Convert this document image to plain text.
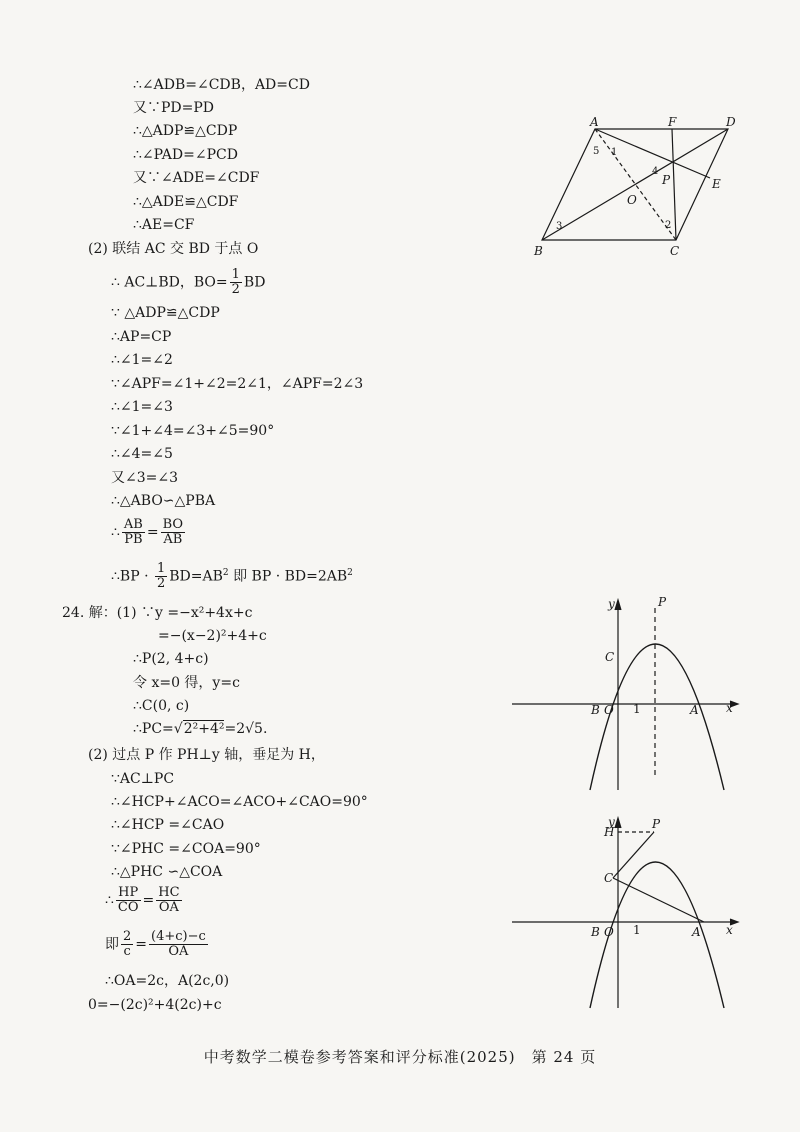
∴∠ADB=∠CDB，AD=CD
又∵PD=PD
∴△ADP≌△CDP
∴∠PAD=∠PCD
又∵∠ADE=∠CDF
∴△ADE≌△CDF
∴AE=CF
(2) 联结 AC 交 BD 于点 O
∴ AC⊥BD，$BO= \frac{1}{2}$ BD
∵ △ADP≌△CDP
∴AP=CP
∴∠1=∠2
∵∠APF=∠1+∠2=2∠1，∠APF=2∠3
∴∠1=∠3
∵∠1+∠4=∠3+∠5=90°
∴∠4=∠5
又∠3=∠3
∴△ABO∽△PBA
∴ $\frac{AB}{PB} = \frac{BO}{AB}$
∴BP · $\frac{1}{2} BD=AB^2$ 即 BP · $BD=2AB^2$
24. 解：(1) ∵y =−x²+4x+c
=−(x−2)²+4+c
∴P(2, 4+c)
令 x=0 得，y=c
∴C(0, c)
∴PC=√2²+4²=2√5.
(2) 过点 P 作 PH⊥y 轴，垂足为 H，
∵AC⊥PC
∴∠HCP+∠ACO=∠ACO+∠CAO=90°
∴∠HCP =∠CAO
∵∠PHC =∠COA=90°
∴△PHC ∽△COA
∴ $\frac{HP}{CO} = \frac{HC}{OA}$
即 $\frac{2}{c} = \frac{(4+c)-c}{OA}$
∴OA=2c，A(2c,0)
0=−(2c)²+4(2c)+c
A	F	D
P	E
O
B	C
1
2
3
4
5
y
x
P
C
B O 1	A
y
x
P
H
C
B O 1	A
中考数学二模卷参考答案和评分标准(2025)　第 24 页
